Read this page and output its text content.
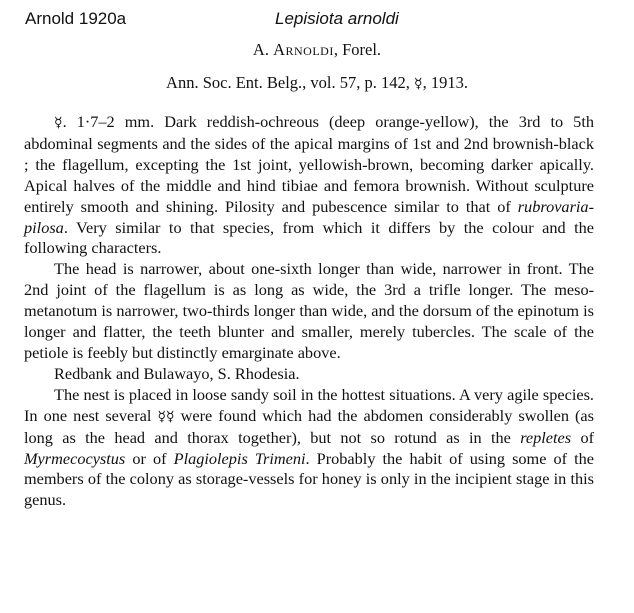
Arnold 1920a	Lepisiota arnoldi
A. Arnoldi, Forel.
Ann. Soc. Ent. Belg., vol. 57, p. 142, ☿, 1913.

☿. 1·7–2 mm. Dark reddish-ochreous (deep orange-yellow), the 3rd to 5th abdominal segments and the sides of the apical margins of 1st and 2nd brownish-black ; the flagellum, excepting the 1st joint, yellowish-brown, becoming darker apically. Apical halves of the middle and hind tibiae and femora brownish. Without sculpture entirely smooth and shining. Pilosity and pubescence similar to that of rubrovaria-pilosa. Very similar to that species, from which it differs by the colour and the following characters.

The head is narrower, about one-sixth longer than wide, narrower in front. The 2nd joint of the flagellum is as long as wide, the 3rd a trifle longer. The meso-metanotum is narrower, two-thirds longer than wide, and the dorsum of the epinotum is longer and flatter, the teeth blunter and smaller, merely tubercles. The scale of the petiole is feebly but distinctly emarginate above.

Redbank and Bulawayo, S. Rhodesia.

The nest is placed in loose sandy soil in the hottest situations. A very agile species. In one nest several ☿☿ were found which had the abdomen considerably swollen (as long as the head and thorax together), but not so rotund as in the repletes of Myrmecocystus or of Plagiolepis Trimeni. Probably the habit of using some of the members of the colony as storage-vessels for honey is only in the incipient stage in this genus.
